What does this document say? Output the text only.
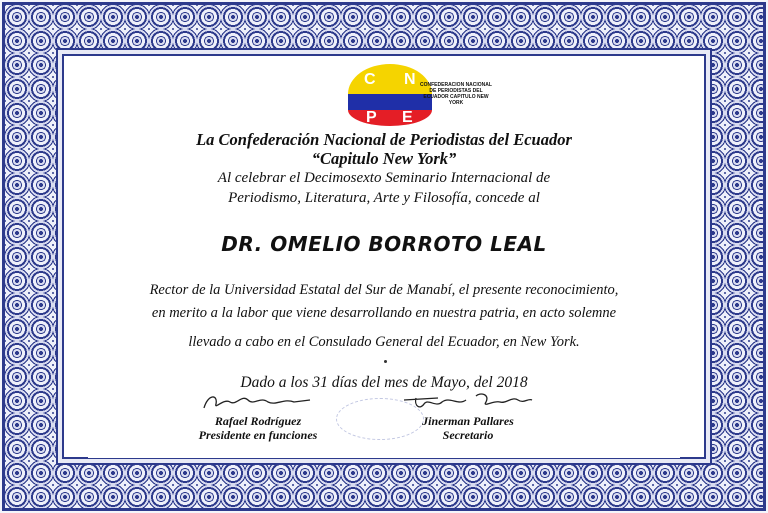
C N
P E
CONFEDERACION NACIONAL DE PERIODISTAS DEL ECUADOR CAPITULO NEW YORK
La Confederación Nacional de Periodistas del Ecuador
“Capitulo New York”
Al celebrar el Decimosexto Seminario Internacional de
Periodismo, Literatura, Arte y Filosofía, concede al
DR. OMELIO BORROTO LEAL
Rector de la Universidad Estatal del Sur de Manabí, el presente reconocimiento,
en merito a la labor que viene desarrollando en nuestra patria, en acto solemne
llevado a cabo en el Consulado General del Ecuador, en New York.
Dado a los 31 días del mes de Mayo, del 2018
Rafael Rodríguez
Presidente en funciones
Jinerman Pallares
Secretario
